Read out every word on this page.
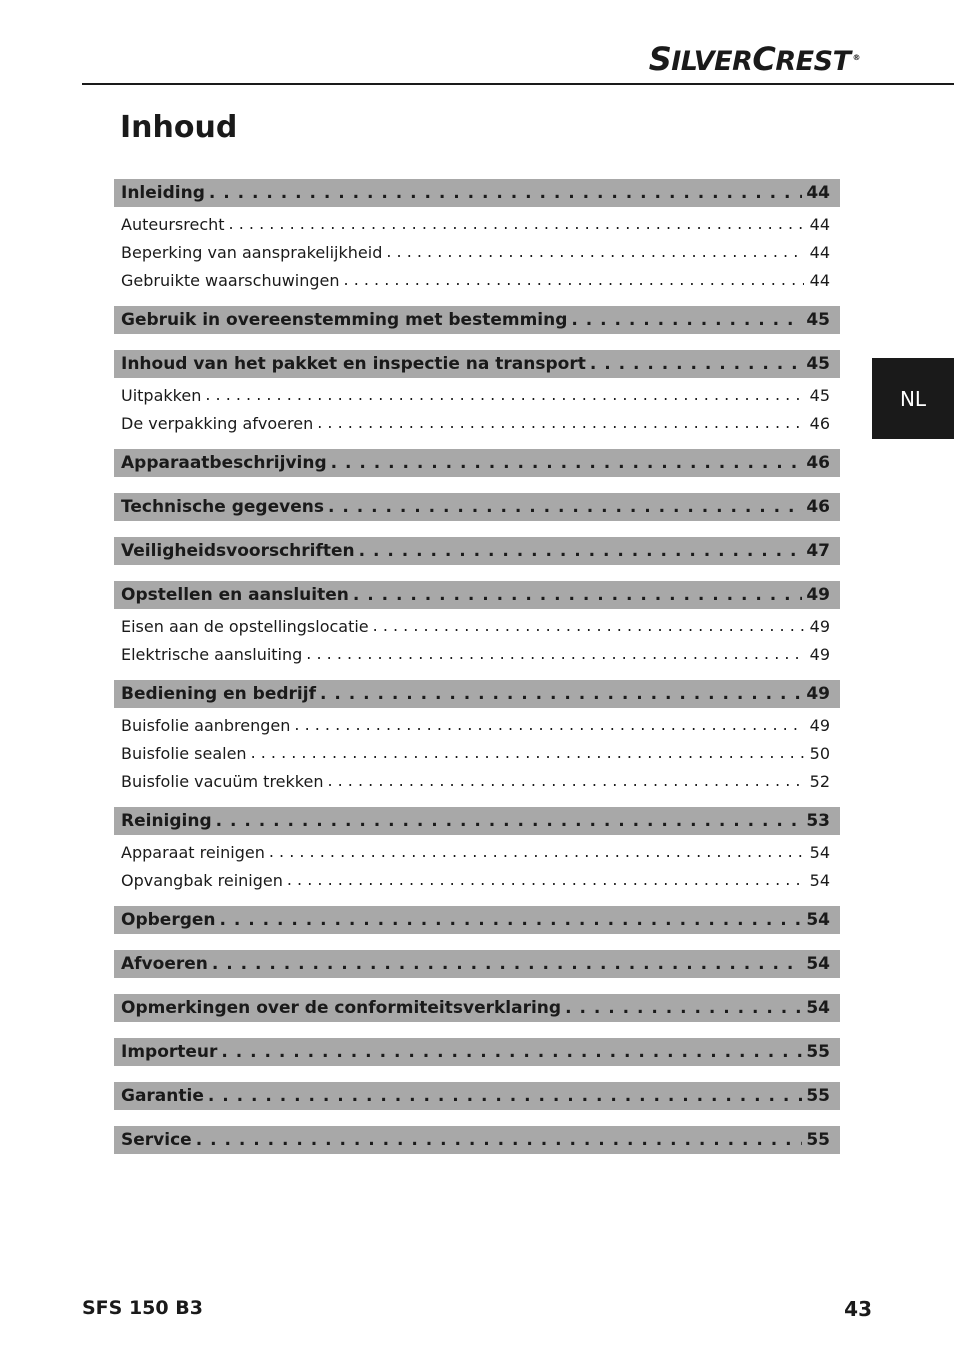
SILVERCREST ®
Inhoud
NL
Inleiding . . .	44
Auteursrecht . . .	44
Beperking van aansprakelijkheid . . .	44
Gebruikte waarschuwingen . . .	44
Gebruik in overeenstemming met bestemming . . .	45
Inhoud van het pakket en inspectie na transport . . .	45
Uitpakken . . .	45
De verpakking afvoeren . . .	46
Apparaatbeschrijving . . .	46
Technische gegevens . . .	46
Veiligheidsvoorschriften . . .	47
Opstellen en aansluiten . . .	49
Eisen aan de opstellingslocatie . . .	49
Elektrische aansluiting . . .	49
Bediening en bedrijf . . .	49
Buisfolie aanbrengen . . .	49
Buisfolie sealen . . .	50
Buisfolie vacuüm trekken . . .	52
Reiniging . . .	53
Apparaat reinigen . . .	54
Opvangbak reinigen . . .	54
Opbergen . . .	54
Afvoeren . . .	54
Opmerkingen over de conformiteitsverklaring . . .	54
Importeur . . .	55
Garantie . . .	55
Service . . .	55
SFS 150 B3	43
